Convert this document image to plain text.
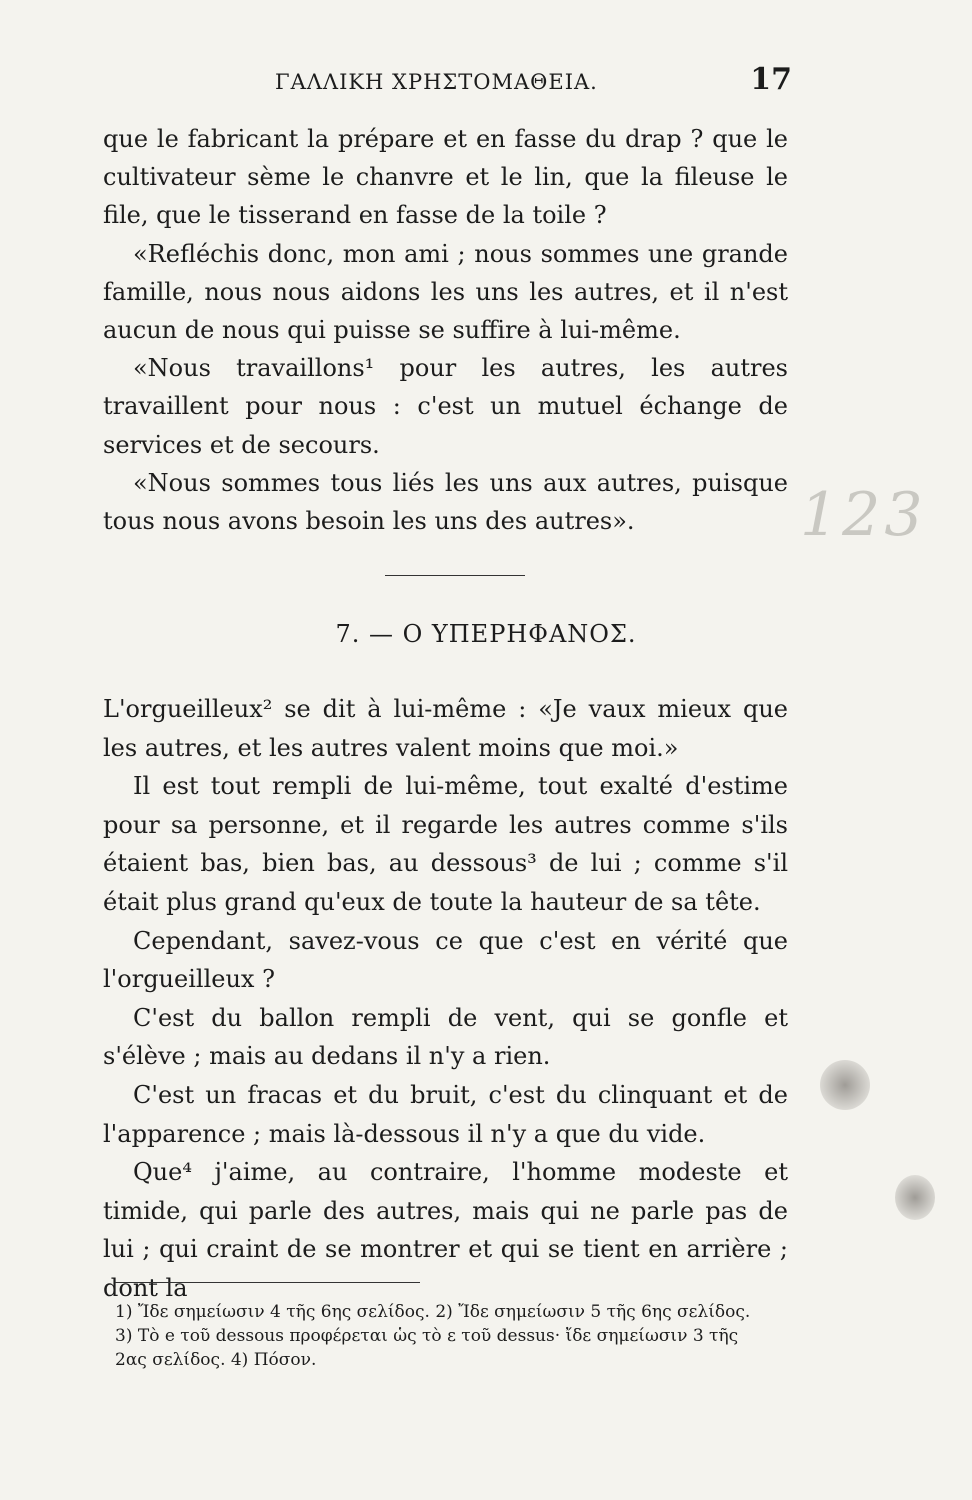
ΓΑΛΛΙΚΗ ΧΡΗΣΤΟΜΑΘΕΙΑ.	17

que le fabricant la prépare et en fasse du drap ? que le cultivateur sème le chanvre et le lin, que la fileuse le file, que le tisserand en fasse de la toile ?

«Refléchis donc, mon ami ; nous sommes une grande famille, nous nous aidons les uns les autres, et il n'est aucun de nous qui puisse se suffire à lui-même.

«Nous travaillons¹ pour les autres, les autres travaillent pour nous : c'est un mutuel échange de services et de secours.

«Nous sommes tous liés les uns aux autres, puisque tous nous avons besoin les uns des autres».

7. — Ο ΥΠΕΡΗΦΑΝΟΣ.

L'orgueilleux² se dit à lui-même : «Je vaux mieux que les autres, et les autres valent moins que moi.»

Il est tout rempli de lui-même, tout exalté d'estime pour sa personne, et il regarde les autres comme s'ils étaient bas, bien bas, au dessous³ de lui ; comme s'il était plus grand qu'eux de toute la hauteur de sa tête.

Cependant, savez-vous ce que c'est en vérité que l'orgueilleux ?

C'est du ballon rempli de vent, qui se gonfle et s'élève ; mais au dedans il n'y a rien.

C'est un fracas et du bruit, c'est du clinquant et de l'apparence ; mais là-dessous il n'y a que du vide.

Que⁴ j'aime, au contraire, l'homme modeste et timide, qui parle des autres, mais qui ne parle pas de lui ; qui craint de se montrer et qui se tient en arrière ; dont la

1) Ἴδε σημείωσιν 4 τῆς 6ης σελίδος. 2) Ἴδε σημείωσιν 5 τῆς 6ης σελίδος.

3) Τὸ e τοῦ dessous προφέρεται ὡς τὸ ε τοῦ dessus· ἴδε σημείωσιν 3 τῆς

2ας σελίδος. 4) Πόσον.

123
